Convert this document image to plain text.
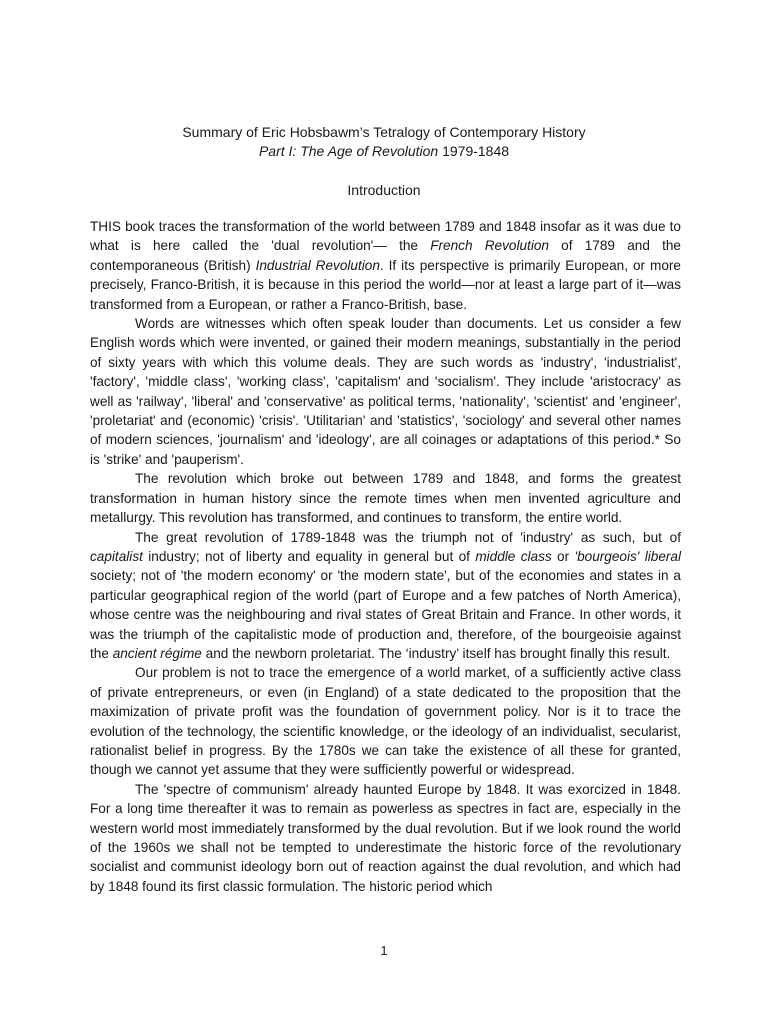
Summary of Eric Hobsbawm’s Tetralogy of Contemporary History
Part I: The Age of Revolution 1979-1848
Introduction

THIS book traces the transformation of the world between 1789 and 1848 insofar as it was due to what is here called the 'dual revolution'— the French Revolution of 1789 and the contemporaneous (British) Industrial Revolution. If its perspective is primarily European, or more precisely, Franco-British, it is because in this period the world—nor at least a large part of it—was transformed from a European, or rather a Franco-British, base.

Words are witnesses which often speak louder than documents. Let us consider a few English words which were invented, or gained their modern meanings, substantially in the period of sixty years with which this volume deals. They are such words as 'industry', 'industrialist', 'factory', 'middle class', 'working class', 'capitalism' and 'socialism'. They include 'aristocracy' as well as 'railway', 'liberal' and 'conservative' as political terms, 'nationality', 'scientist' and 'engineer', 'proletariat' and (economic) 'crisis'. 'Utilitarian' and 'statistics', 'sociology' and several other names of modern sciences, 'journalism' and 'ideology', are all coinages or adaptations of this period.* So is 'strike' and 'pauperism'.

The revolution which broke out between 1789 and 1848, and forms the greatest transformation in human history since the remote times when men invented agriculture and metallurgy. This revolution has transformed, and continues to transform, the entire world.

The great revolution of 1789-1848 was the triumph not of 'industry' as such, but of capitalist industry; not of liberty and equality in general but of middle class or 'bourgeois' liberal society; not of 'the modern economy' or 'the modern state', but of the economies and states in a particular geographical region of the world (part of Europe and a few patches of North America), whose centre was the neighbouring and rival states of Great Britain and France. In other words, it was the triumph of the capitalistic mode of production and, therefore, of the bourgeoisie against the ancient régime and the newborn proletariat. The ‘industry’ itself has brought finally this result.

Our problem is not to trace the emergence of a world market, of a sufficiently active class of private entrepreneurs, or even (in England) of a state dedicated to the proposition that the maximization of private profit was the foundation of government policy. Nor is it to trace the evolution of the technology, the scientific knowledge, or the ideology of an individualist, secularist, rationalist belief in progress. By the 1780s we can take the existence of all these for granted, though we cannot yet assume that they were sufficiently powerful or widespread.

The 'spectre of communism' already haunted Europe by 1848. It was exorcized in 1848. For a long time thereafter it was to remain as powerless as spectres in fact are, especially in the western world most immediately transformed by the dual revolution. But if we look round the world of the 1960s we shall not be tempted to underestimate the historic force of the revolutionary socialist and communist ideology born out of reaction against the dual revolution, and which had by 1848 found its first classic formulation. The historic period which

1
